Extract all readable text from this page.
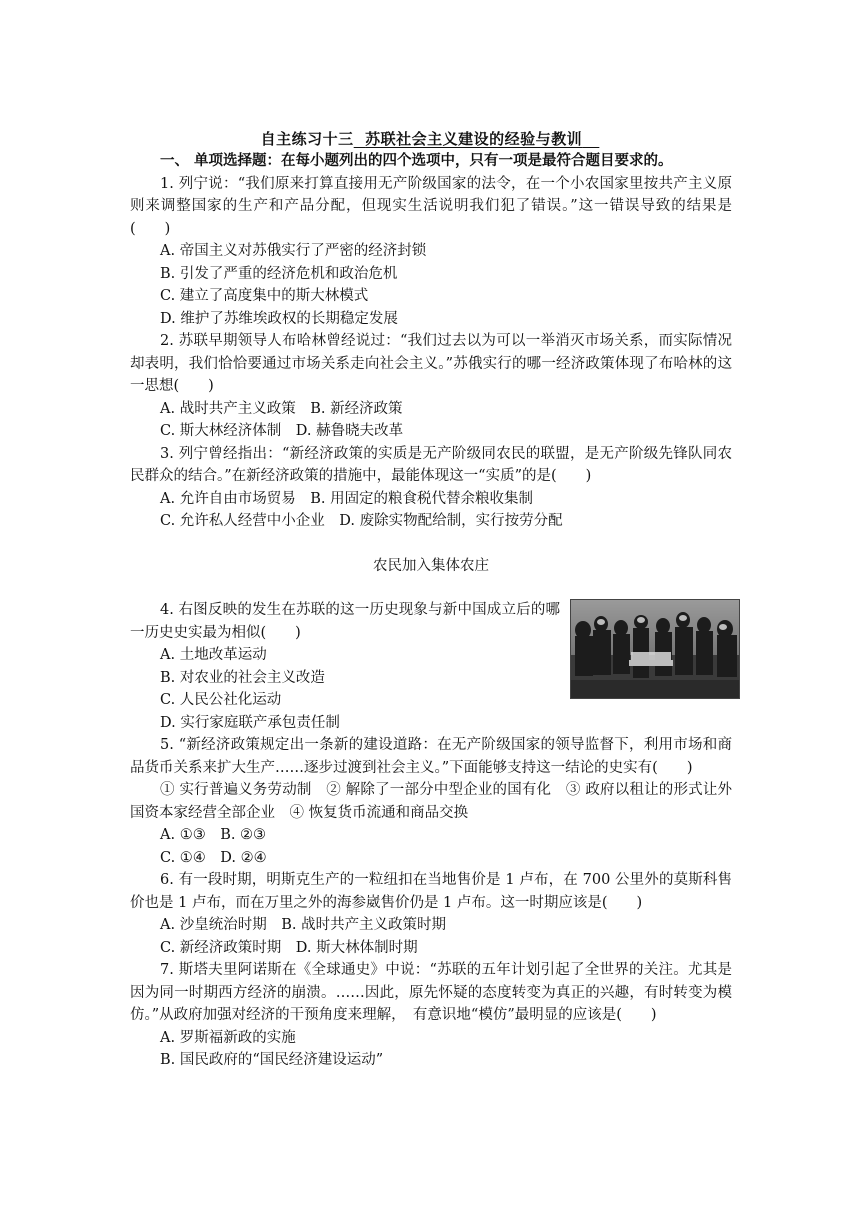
自主练习十三 苏联社会主义建设的经验与教训
一、 单项选择题：在每小题列出的四个选项中，只有一项是最符合题目要求的。
1. 列宁说：“我们原来打算直接用无产阶级国家的法令，在一个小农国家里按共产主义原则来调整国家的生产和产品分配，但现实生活说明我们犯了错误。”这一错误导致的结果是(　　)
A. 帝国主义对苏俄实行了严密的经济封锁
B. 引发了严重的经济危机和政治危机
C. 建立了高度集中的斯大林模式
D. 维护了苏维埃政权的长期稳定发展
2. 苏联早期领导人布哈林曾经说过：“我们过去以为可以一举消灭市场关系，而实际情况却表明，我们恰恰要通过市场关系走向社会主义。”苏俄实行的哪一经济政策体现了布哈林的这一思想(　　)
A. 战时共产主义政策　B. 新经济政策
C. 斯大林经济体制　D. 赫鲁晓夫改革
3. 列宁曾经指出：“新经济政策的实质是无产阶级同农民的联盟，是无产阶级先锋队同农民群众的结合。”在新经济政策的措施中，最能体现这一“实质”的是(　　)
A. 允许自由市场贸易　B. 用固定的粮食税代替余粮收集制
C. 允许私人经营中小企业　D. 废除实物配给制，实行按劳分配
农民加入集体农庄
4. 右图反映的发生在苏联的这一历史现象与新中国成立后的哪一历史史实最为相似(　　)
A. 土地改革运动
B. 对农业的社会主义改造
C. 人民公社化运动
D. 实行家庭联产承包责任制
5. “新经济政策规定出一条新的建设道路：在无产阶级国家的领导监督下，利用市场和商品货币关系来扩大生产……逐步过渡到社会主义。”下面能够支持这一结论的史实有(　　)
① 实行普遍义务劳动制　② 解除了一部分中型企业的国有化　③ 政府以租让的形式让外国资本家经营全部企业　④ 恢复货币流通和商品交换
A. ①③　B. ②③
C. ①④　D. ②④
6. 有一段时期，明斯克生产的一粒纽扣在当地售价是 1 卢布，在 700 公里外的莫斯科售价也是 1 卢布，而在万里之外的海参崴售价仍是 1 卢布。这一时期应该是(　　)
A. 沙皇统治时期　B. 战时共产主义政策时期
C. 新经济政策时期　D. 斯大林体制时期
7. 斯塔夫里阿诺斯在《全球通史》中说：“苏联的五年计划引起了全世界的关注。尤其是因为同一时期西方经济的崩溃。……因此，原先怀疑的态度转变为真正的兴趣，有时转变为模仿。”从政府加强对经济的干预角度来理解，　有意识地“模仿”最明显的应该是(　　)
A. 罗斯福新政的实施
B. 国民政府的“国民经济建设运动”
